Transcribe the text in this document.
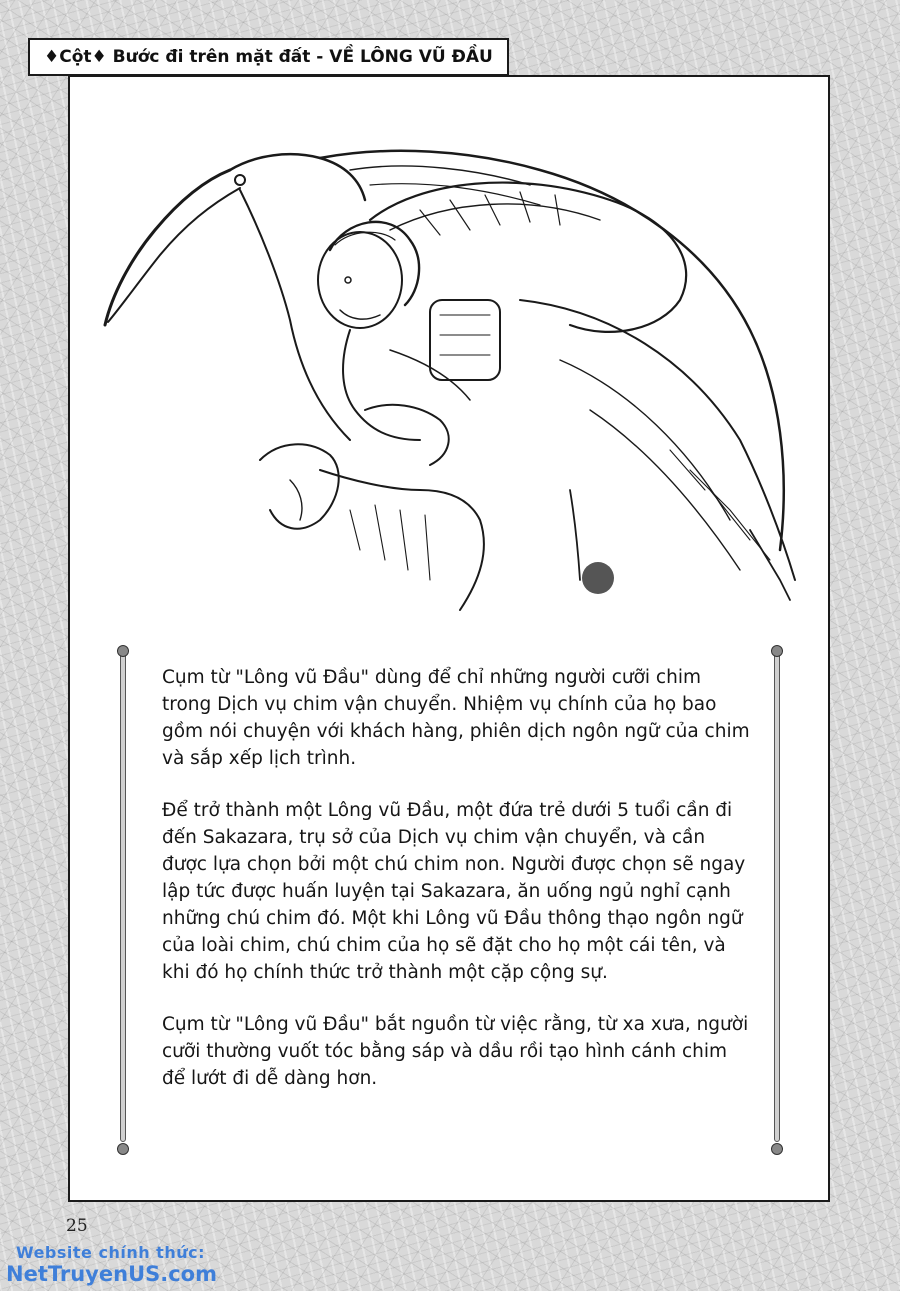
♦Cột♦ Bước đi trên mặt đất - VỀ LÔNG VŨ ĐẦU

Cụm từ "Lông vũ Đầu" dùng để chỉ những người cưỡi chim trong Dịch vụ chim vận chuyển. Nhiệm vụ chính của họ bao gồm nói chuyện với khách hàng, phiên dịch ngôn ngữ của chim và sắp xếp lịch trình.

Để trở thành một Lông vũ Đầu, một đứa trẻ dưới 5 tuổi cần đi đến Sakazara, trụ sở của Dịch vụ chim vận chuyển, và cần được lựa chọn bởi một chú chim non. Người được chọn sẽ ngay lập tức được huấn luyện tại Sakazara, ăn uống ngủ nghỉ cạnh những chú chim đó. Một khi Lông vũ Đầu thông thạo ngôn ngữ của loài chim, chú chim của họ sẽ đặt cho họ một cái tên, và khi đó họ chính thức trở thành một cặp cộng sự.

Cụm từ "Lông vũ Đầu" bắt nguồn từ việc rằng, từ xa xưa, người cưỡi thường vuốt tóc bằng sáp và dầu rồi tạo hình cánh chim để lướt đi dễ dàng hơn.

25
Website chính thức:
NetTruyenUS.com
